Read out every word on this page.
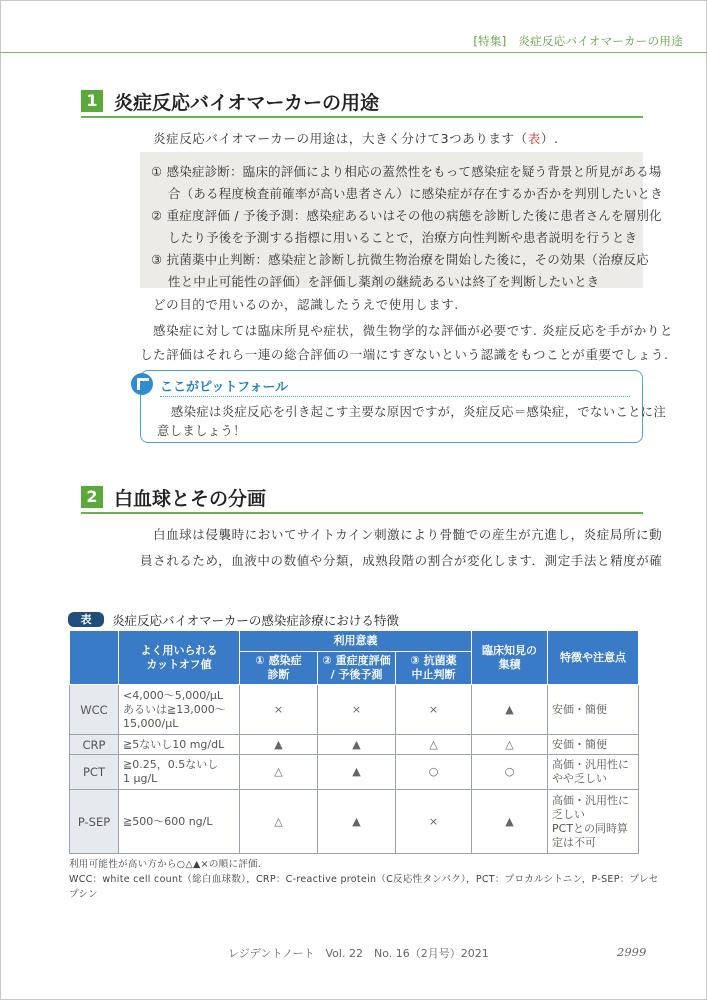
[特集]　炎症反応バイオマーカーの用途
1 炎症反応バイオマーカーの用途
炎症反応バイオマーカーの用途は，大きく分けて3つあります（表）.
① 感染症診断：臨床的評価により相応の蓋然性をもって感染症を疑う背景と所見がある場
合（ある程度検査前確率が高い患者さん）に感染症が存在するか否かを判別したいとき
② 重症度評価 / 予後予測：感染症あるいはその他の病態を診断した後に患者さんを層別化
したり予後を予測する指標に用いることで，治療方向性判断や患者説明を行うとき
③ 抗菌薬中止判断：感染症と診断し抗微生物治療を開始した後に，その効果（治療反応
性と中止可能性の評価）を評価し薬剤の継続あるいは終了を判断したいとき
どの目的で用いるのか，認識したうえで使用します.
感染症に対しては臨床所見や症状，微生物学的な評価が必要です. 炎症反応を手がかりと
した評価はそれら一連の総合評価の一端にすぎないという認識をもつことが重要でしょう.
ここがピットフォール
感染症は炎症反応を引き起こす主要な原因ですが，炎症反応＝感染症，でないことに注
意しましょう！
2 白血球とその分画
白血球は侵襲時においてサイトカイン刺激により骨髄での産生が亢進し，炎症局所に動
員されるため，血液中の数値や分類，成熟段階の割合が変化します．測定手法と精度が確
表	炎症反応バイオマーカーの感染症診療における特徴
	よく用いられる
カットオフ値	利用意義			臨床知見の
集積	特徴や注意点
		① 感染症
診断	② 重症度評価
/ 予後予測	③ 抗菌薬
中止判断		
WCC	<4,000～5,000/μL
あるいは≧13,000～
15,000/μL	×	×	×	▲	安価・簡便
CRP	≧5ないし10 mg/dL	▲	▲	△	△	安価・簡便
PCT	≧0.25，0.5ないし
1 μg/L	△	▲	○	○	高価・汎用性に
やや乏しい
P-SEP	≧500～600 ng/L	△	▲	×	▲	高価・汎用性に
乏しい
PCTとの同時算
定は不可
利用可能性が高い方から○△▲×の順に評価.
WCC：white cell count（総白血球数），CRP：C-reactive protein（C反応性タンパク），PCT：プロカルシトニン，P-SEP：プレセ
プシン
レジデントノート　Vol. 22　No. 16（2月号）2021	2999
